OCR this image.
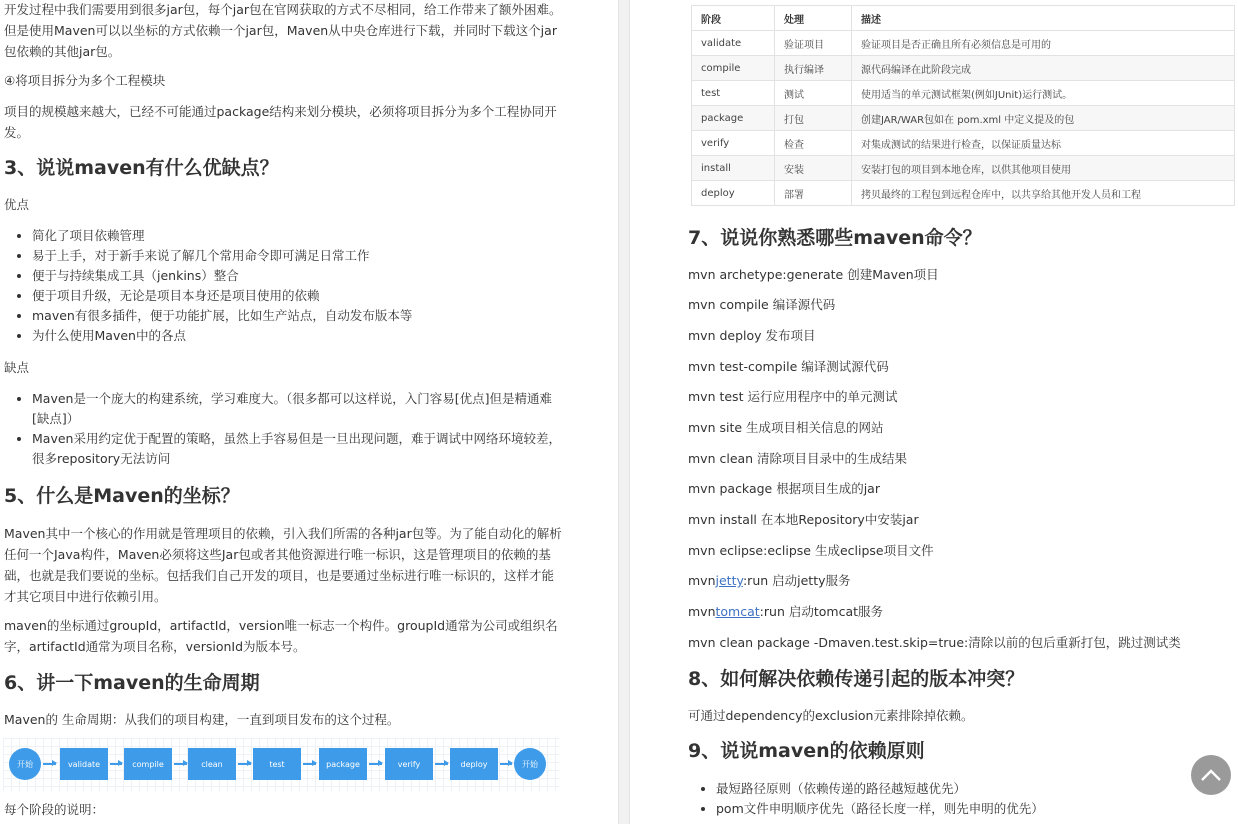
开发过程中我们需要用到很多jar包，每个jar包在官网获取的方式不尽相同，给工作带来了额外困难。但是使用Maven可以以坐标的方式依赖一个jar包，Maven从中央仓库进行下载，并同时下载这个jar包依赖的其他jar包。

④将项目拆分为多个工程模块

项目的规模越来越大，已经不可能通过package结构来划分模块，必须将项目拆分为多个工程协同开发。

3、说说maven有什么优缺点？

优点

• 简化了项目依赖管理
• 易于上手，对于新手来说了解几个常用命令即可满足日常工作
• 便于与持续集成工具（jenkins）整合
• 便于项目升级，无论是项目本身还是项目使用的依赖
• maven有很多插件，便于功能扩展，比如生产站点，自动发布版本等
• 为什么使用Maven中的各点

缺点

• Maven是一个庞大的构建系统，学习难度大。（很多都可以这样说，入门容易[优点]但是精通难[缺点]）
• Maven采用约定优于配置的策略，虽然上手容易但是一旦出现问题，难于调试中网络环境较差，很多repository无法访问
5、什么是Maven的坐标？

Maven其中一个核心的作用就是管理项目的依赖，引入我们所需的各种jar包等。为了能自动化的解析任何一个Java构件，Maven必须将这些Jar包或者其他资源进行唯一标识，这是管理项目的依赖的基础，也就是我们要说的坐标。包括我们自己开发的项目，也是要通过坐标进行唯一标识的，这样才能才其它项目中进行依赖引用。

maven的坐标通过groupId，artifactId，version唯一标志一个构件。groupId通常为公司或组织名字，artifactId通常为项目名称，versionId为版本号。

6、讲一下maven的生命周期

Maven的 生命周期：从我们的项目构建，一直到项目发布的这个过程。

开始	validate	compile	clean	test	package	verify	deploy	开始

每个阶段的说明：

阶段	处理	描述
validate	验证项目	验证项目是否正确且所有必须信息是可用的
compile	执行编译	源代码编译在此阶段完成
test	测试	使用适当的单元测试框架(例如JUnit)运行测试。
package	打包	创建JAR/WAR包如在 pom.xml 中定义提及的包
verify	检查	对集成测试的结果进行检查，以保证质量达标
install	安装	安装打包的项目到本地仓库，以供其他项目使用
deploy	部署	拷贝最终的工程包到远程仓库中，以共享给其他开发人员和工程
7、说说你熟悉哪些maven命令？

mvn archetype:generate 创建Maven项目

mvn compile 编译源代码

mvn deploy 发布项目

mvn test-compile 编译测试源代码

mvn test 运行应用程序中的单元测试

mvn site 生成项目相关信息的网站

mvn clean 清除项目目录中的生成结果

mvn package 根据项目生成的jar

mvn install 在本地Repository中安装jar

mvn eclipse:eclipse 生成eclipse项目文件

mvnjetty:run 启动jetty服务

mvntomcat:run 启动tomcat服务

mvn clean package -Dmaven.test.skip=true:清除以前的包后重新打包，跳过测试类

8、如何解决依赖传递引起的版本冲突？

可通过dependency的exclusion元素排除掉依赖。

9、说说maven的依赖原则
• 最短路径原则（依赖传递的路径越短越优先）
• pom文件申明顺序优先（路径长度一样，则先申明的优先）
